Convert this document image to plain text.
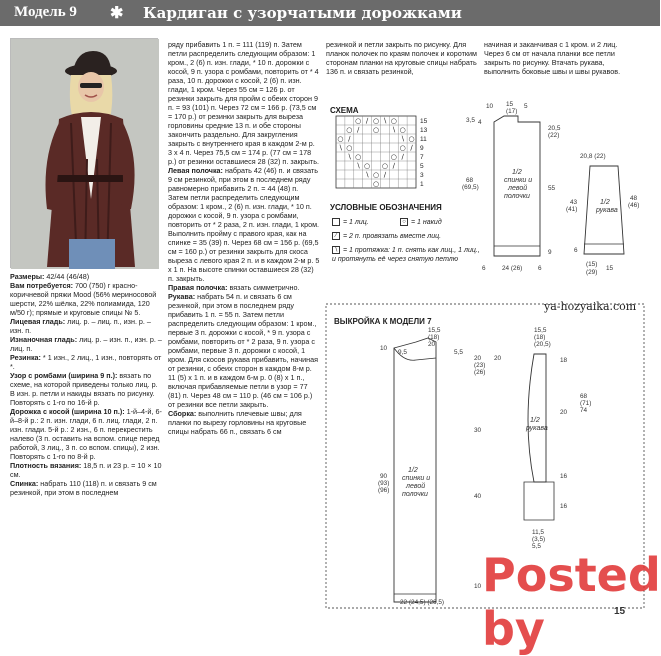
Модель 9 ✱ Кардиган с узорчатыми дорожками

Размеры: 42/44 (46/48)

Вам потребуется: 700 (750) г красно-коричневой пряжи Mood (56% мериносовой шерсти, 22% шёлка, 22% полиамида, 120 м/50 г); прямые и круговые спицы № 5.

Лицевая гладь: лиц. р. – лиц. п., изн. р. – изн. п.

Изнаночная гладь: лиц. р. – изн. п., изн. р. – лиц. п.

Резинка: * 1 изн., 2 лиц., 1 изн., повторять от *.

Узор с ромбами (ширина 9 п.): вязать по схеме, на которой приведены только лиц. р. В изн. р. петли и накиды вязать по рисунку. Повторять с 1-го по 16-й р.

Дорожка с косой (ширина 10 п.): 1-й–4-й, 6-й–8-й р.: 2 п. изн. глади, 6 п. лиц. глади, 2 п. изн. глади. 5-й р.: 2 изн., 6 п. перекрестить налево (3 п. оставить на вспом. спице перед работой, 3 лиц., 3 п. со вспом. спицы), 2 изн. Повторять с 1-го по 8-й р.

Плотность вязания: 18,5 п. и 23 р. = 10 × 10 см.

Спинка: набрать 110 (118) п. и связать 9 см резинкой, при этом в последнем

ряду прибавить 1 п. = 111 (119) п. Затем петли распределить следующим образом: 1 кром., 2 (6) п. изн. глади, * 10 п. дорожки с косой, 9 п. узора с ромбами, повторить от * 4 раза, 10 п. дорожки с косой, 2 (6) п. изн. глади, 1 кром. Через 55 см = 126 р. от резинки закрыть для пройм с обеих сторон 9 п. = 93 (101) п. Через 72 см = 166 р. (73,5 см = 170 р.) от резинки закрыть для выреза горловины средние 13 п. и обе стороны закончить раздельно. Для закругления закрыть с внутреннего края в каждом 2-м р. 3 х 4 п. Через 75,5 см = 174 р. (77 см = 178 р.) от резинки оставшиеся 28 (32) п. закрыть.

Левая полочка: набрать 42 (46) п. и связать 9 см резинкой, при этом в последнем ряду равномерно прибавить 2 п. = 44 (48) п. Затем петли распределить следующим образом: 1 кром., 2 (6) п. изн. глади, * 10 п. дорожки с косой, 9 п. узора с ромбами, повторить от * 2 раза, 2 п. изн. глади, 1 кром. Выполнить пройму с правого края, как на спинке = 35 (39) п. Через 68 см = 156 р. (69,5 см = 160 р.) от резинки закрыть для скоса выреза с левого края 2 п. и в каждом 2-м р. 5 х 1 п. На высоте спинки оставшиеся 28 (32) п. закрыть.

Правая полочка: вязать симметрично.

Рукава: набрать 54 п. и связать 6 см резинкой, при этом в последнем ряду прибавить 1 п. = 55 п. Затем петли распределить следующим образом: 1 кром., первые 3 п. дорожки с косой, * 9 п. узора с ромбами, повторить от * 2 раза, 9 п. узора с ромбами, первые 3 п. дорожки с косой, 1 кром. Для скосов рукава прибавить, начиная от резинки, с обеих сторон в каждом 8-м р. 11 (5) х 1 п. и в каждом 6-м р. 0 (8) х 1 п., включая прибавляемые петли в узор = 77 (81) п. Через 48 см = 110 р. (46 см = 106 р.) от резинки все петли закрыть.

Сборка: выполнить плечевые швы; для планки по вырезу горловины на круговые спицы набрать 66 п., связать 6 см

резинкой и петли закрыть по рисунку. Для планок полочек по краям полочек и коротким сторонам планки на круговые спицы набрать 136 п. и связать резинкой,
начиная и заканчивая с 1 кром. и 2 лиц. Через 6 см от начала планки все петли закрыть по рисунку. Втачать рукава, выполнить боковые швы и швы рукавов.
1/2
спинки и
левой
полочки
3,5 4
10 15
(17)
5
20,5
(22)
68
(69,5)	55
9
6	24 (26) 6
1/2
рукава
20,8 (22)
43
(41)
48
(46)
6
(15)
15
(29)
СХЕМА
○ ∕ ○ ∖ ○
○ ∕ ○ ∖ ○
○ ∕	∖ ○
∖ ○	○ ∕
∖ ○	○ ∕
∖ ○ ○ ∕
∖ ○ ∕
○
15
13
11
9
7
5
3
1
УСЛОВНЫЕ ОБОЗНАЧЕНИЯ
= 1 лиц.	○ = 1 накид
∕ = 2 п. провязать вместе лиц.
∖ = 1 протяжка: 1 п. снять как лиц., 1 лиц., и протянуть её через снятую петлю
ya-hozyaika.com
ВЫКРОЙКА К МОДЕЛИ 7
1/2
спинки и
левой
полочки
15,5
(18)
20
9,5	5,5
10
90
(93)
(96)
20
(23)
(26)
20
30
40
10
22 (24,5) (26,5)
1/2
рукава
15,5
(18)
(20,5)
18
20
16
16
68
(71)
74
11,5
(3,5)
5,5
Posted by	15
